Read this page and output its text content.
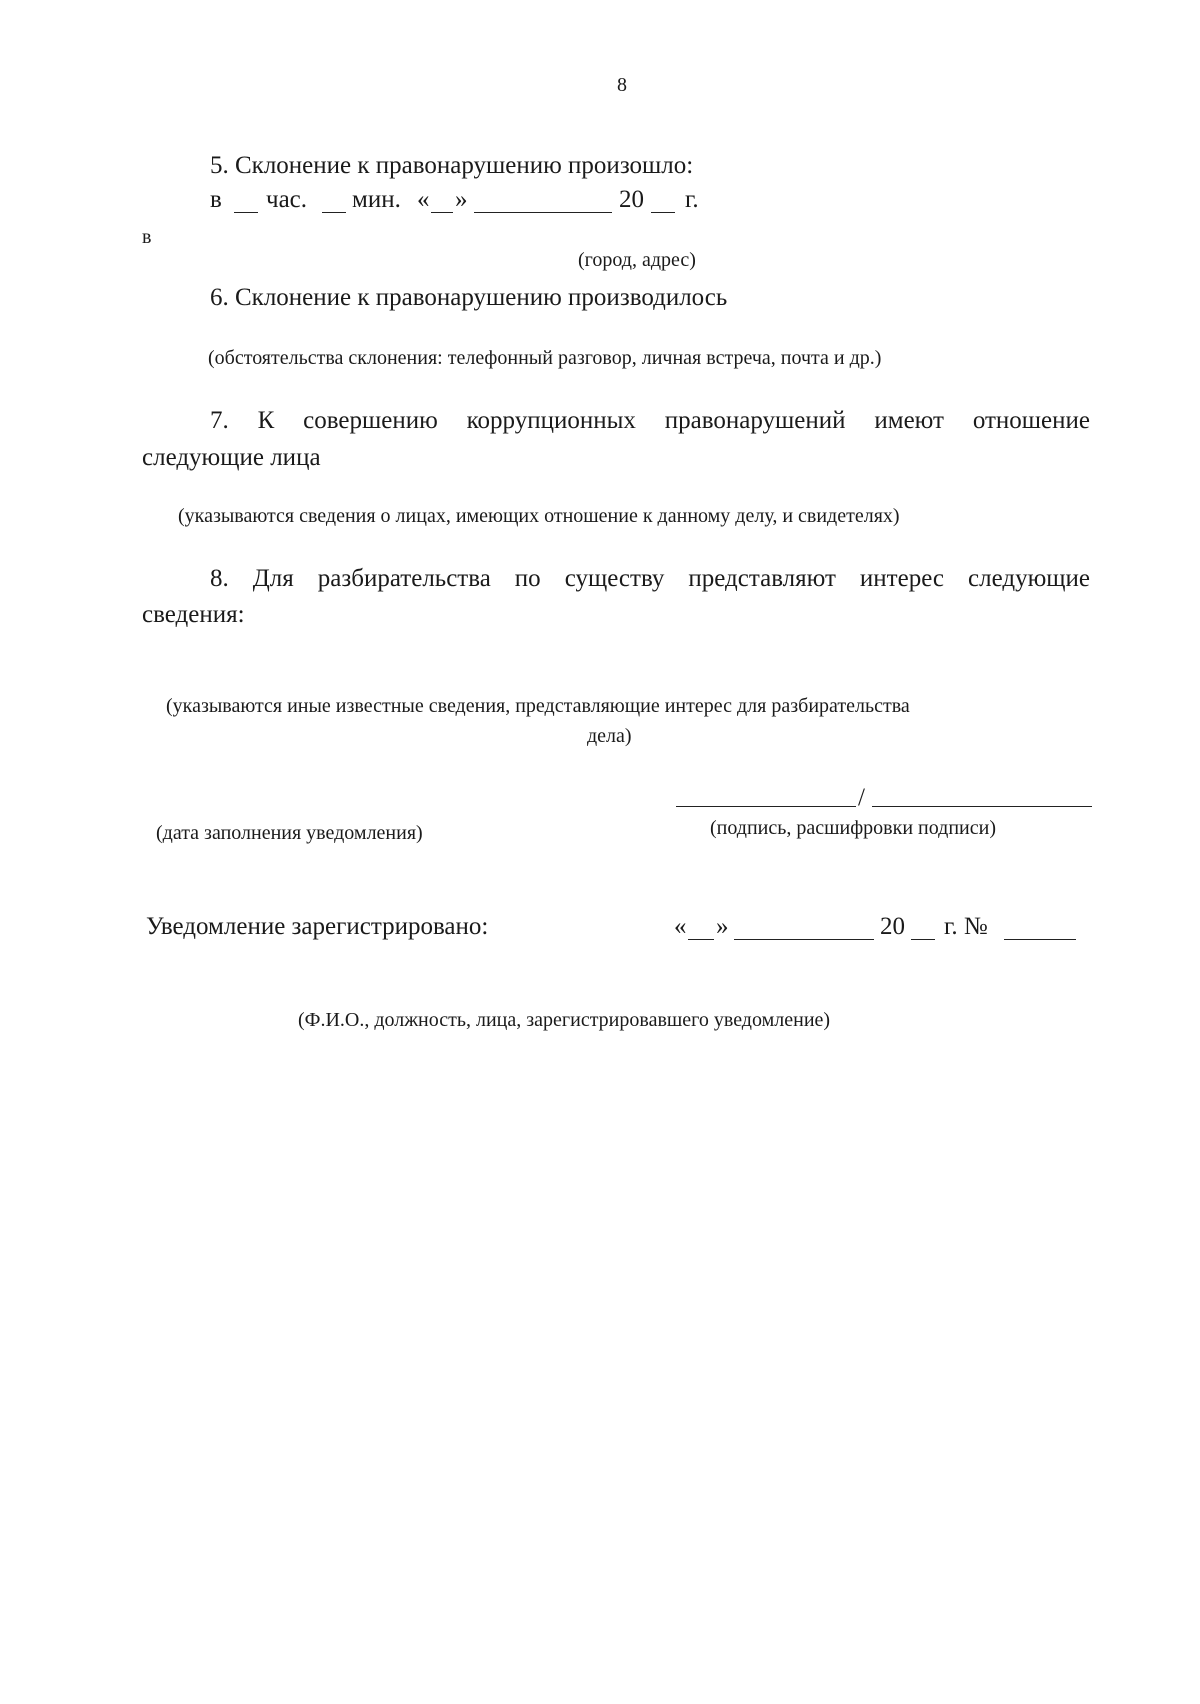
8
5. Склонение к правонарушению произошло:
в час. мин. « »	20 г.
в
(город, адрес)
6. Склонение к правонарушению производилось
(обстоятельства склонения: телефонный разговор, личная встреча, почта и др.)
7. К совершению коррупционных правонарушений имеют отношение
следующие лица
(указываются сведения о лицах, имеющих отношение к данному делу, и свидетелях)
8. Для разбирательства по существу представляют интерес следующие
сведения:
(указываются иные известные сведения, представляющие интерес для разбирательства
дела)
/
(дата заполнения уведомления)	(подпись, расшифровки подписи)
Уведомление зарегистрировано:	« »	20 г. №
(Ф.И.О., должность, лица, зарегистрировавшего уведомление)
